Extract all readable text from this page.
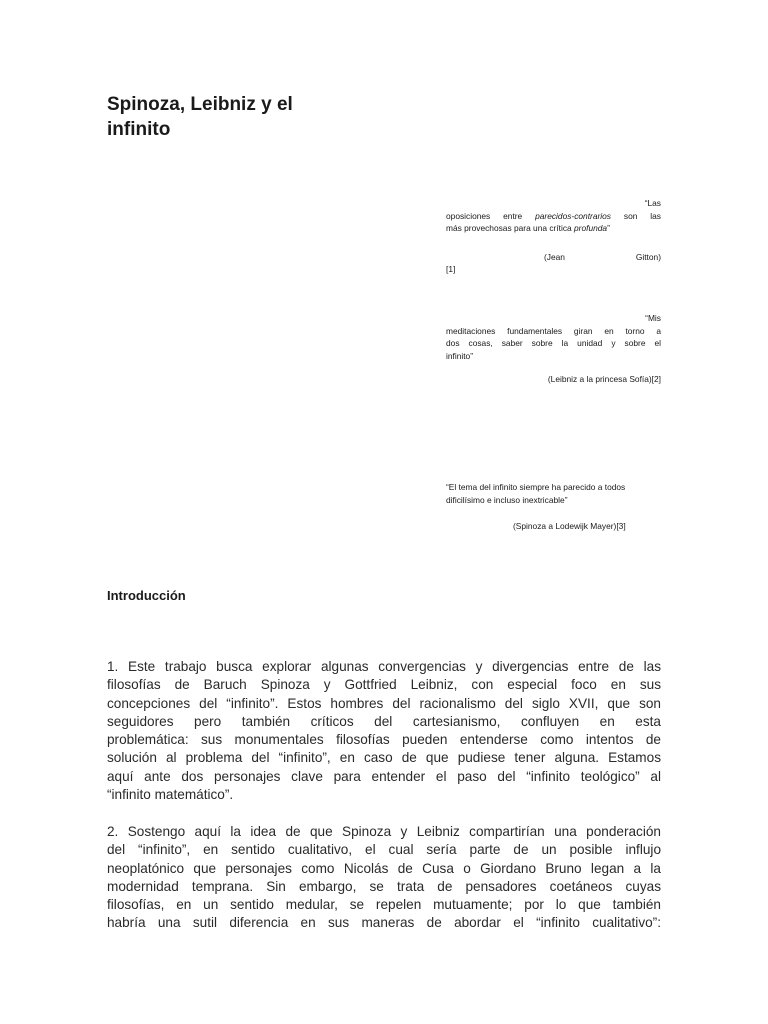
Spinoza, Leibniz y el
infinito
“Las
oposiciones entre parecidos-contrarios son las
más provechosas para una crítica profunda”
(Jean	Gitton)
[1]
“Mis
meditaciones fundamentales giran en torno a
dos cosas, saber sobre la unidad y sobre el
infinito”
(Leibniz a la princesa Sofía)[2]
“El tema del infinito siempre ha parecido a todos
dificilísimo e incluso inextricable”
(Spinoza a Lodewijk Mayer)[3]
Introducción
1. Este trabajo busca explorar algunas convergencias y divergencias entre de las
filosofías de Baruch Spinoza y Gottfried Leibniz, con especial foco en sus
concepciones del “infinito”. Estos hombres del racionalismo del siglo XVII, que son
seguidores pero también críticos del cartesianismo, confluyen en esta
problemática: sus monumentales filosofías pueden entenderse como intentos de
solución al problema del “infinito”, en caso de que pudiese tener alguna. Estamos
aquí ante dos personajes clave para entender el paso del “infinito teológico” al
“infinito matemático”.
2. Sostengo aquí la idea de que Spinoza y Leibniz compartirían una ponderación
del “infinito”, en sentido cualitativo, el cual sería parte de un posible influjo
neoplatónico que personajes como Nicolás de Cusa o Giordano Bruno legan a la
modernidad temprana. Sin embargo, se trata de pensadores coetáneos cuyas
filosofías, en un sentido medular, se repelen mutuamente; por lo que también
habría una sutil diferencia en sus maneras de abordar el “infinito cualitativo”:
